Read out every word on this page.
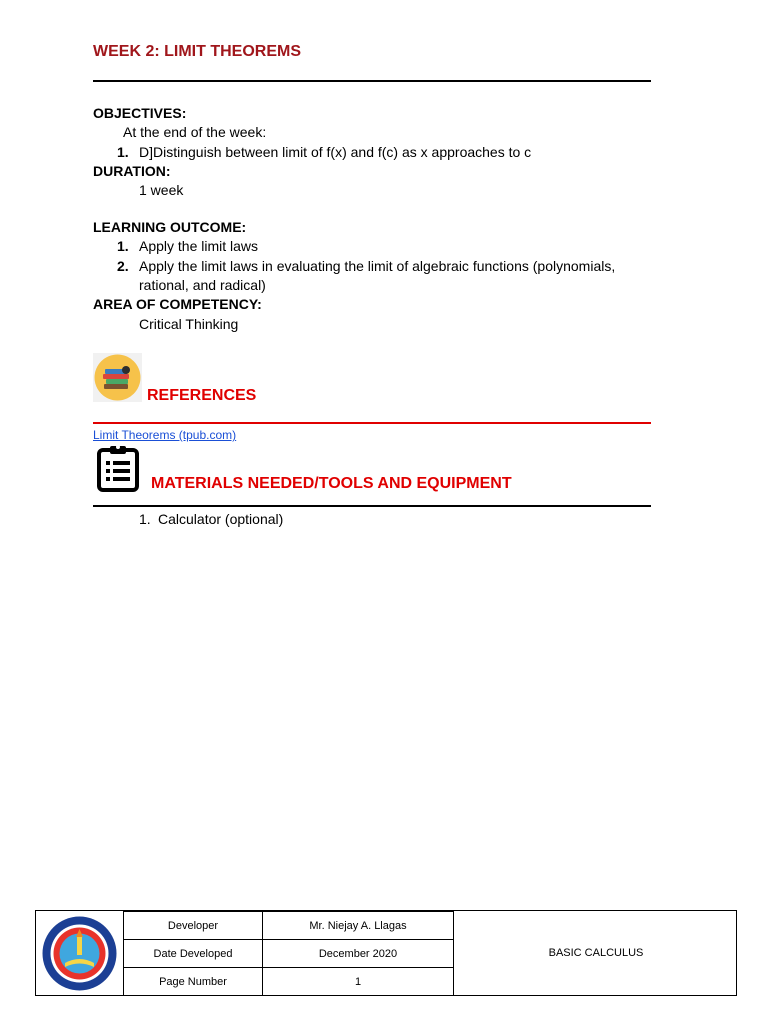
WEEK 2: LIMIT THEOREMS
OBJECTIVES:
At the end of the week:
1. D]Distinguish between limit of f(x) and f(c) as x approaches to c
DURATION:
1 week
LEARNING OUTCOME:
1. Apply the limit laws
2. Apply the limit laws in evaluating the limit of algebraic functions (polynomials,
rational, and radical)
AREA OF COMPETENCY:
Critical Thinking
REFERENCES
Limit Theorems (tpub.com)
MATERIALS NEEDED/TOOLS AND EQUIPMENT
1. Calculator (optional)
Developer	Mr. Niejay A. Llagas
Date Developed	December 2020
Page Number	1
BASIC CALCULUS
